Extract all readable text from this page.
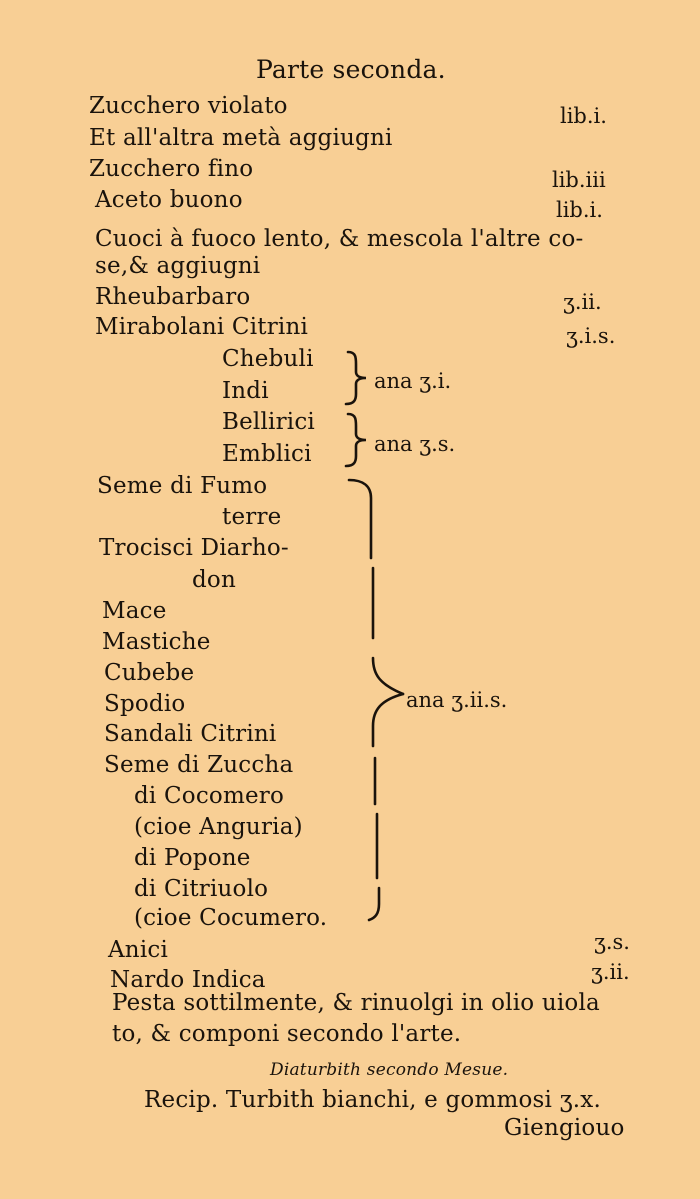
Parte seconda.
Zucchero violato	lib.i.
Et all'altra metà aggiugni
Zucchero fino	lib.iii
Aceto buono	lib.i.
Cuoci à fuoco lento, & mescola l'altre co-
se,& aggiugni
Rheubarbaro	ʒ.ii.
Mirabolani Citrini	ʒ.i.s.
Chebuli
Indi	ana ʒ.i.
Bellirici
Emblici	ana ʒ.s.
Seme di Fumo
terre
Trocisci Diarho-
don
Mace
Mastiche
Cubebe
Spodio
Sandali Citrini
Seme di Zuccha
di Cocomero
(cioe Anguria)
di Popone
di Citriuolo
(cioe Cocumero.
ana ʒ.ii.s.
Anici	ʒ.s.
Nardo Indica	ʒ.ii.
Pesta sottilmente, & rinuolgi in olio uiola
to, & componi secondo l'arte.
Diaturbith secondo Mesue.
Recip. Turbith bianchi, e gommosi ʒ.x.
Giengiouo
